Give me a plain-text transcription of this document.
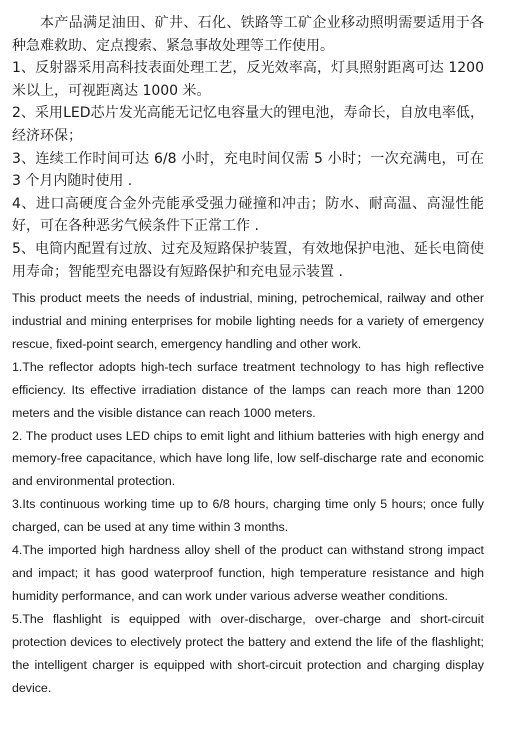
本产品满足油田、矿井、石化、铁路等工矿企业移动照明需要适用于各种急难救助、定点搜索、紧急事故处理等工作使用。

1、反射器采用高科技表面处理工艺，反光效率高，灯具照射距离可达 1200 米以上，可视距离达 1000 米。

2、采用LED芯片发光高能无记忆电容量大的锂电池，寿命长，自放电率低，经济环保；

3、连续工作时间可达 6/8 小时，充电时间仅需 5 小时；一次充满电，可在 3 个月内随时使用 .

4、进口高硬度合金外壳能承受强力碰撞和冲击；防水、耐高温、高湿性能好，可在各种恶劣气候条件下正常工作 .

5、电筒内配置有过放、过充及短路保护装置，有效地保护电池、延长电筒使用寿命；智能型充电器设有短路保护和充电显示装置 .

This product meets the needs of industrial, mining, petrochemical, railway and other industrial and mining enterprises for mobile lighting needs for a variety of emergency rescue, fixed-point search, emergency handling and other work.

1.The reflector adopts high-tech surface treatment technology to has high reflective efficiency. Its effective irradiation distance of the lamps can reach more than 1200 meters and the visible distance can reach 1000 meters.

2. The product uses LED chips to emit light and lithium batteries with high energy and memory-free capacitance, which have long life, low self-discharge rate and economic and environmental protection.

3.Its continuous working time up to 6/8 hours, charging time only 5 hours; once fully charged, can be used at any time within 3 months.

4.The imported high hardness alloy shell of the product can withstand strong impact and impact; it has good waterproof function, high temperature resistance and high humidity performance, and can work under various adverse weather conditions.

5.The flashlight is equipped with over-discharge, over-charge and short-circuit protection devices to electively protect the battery and extend the life of the flashlight; the intelligent charger is equipped with short-circuit protection and charging display device.
